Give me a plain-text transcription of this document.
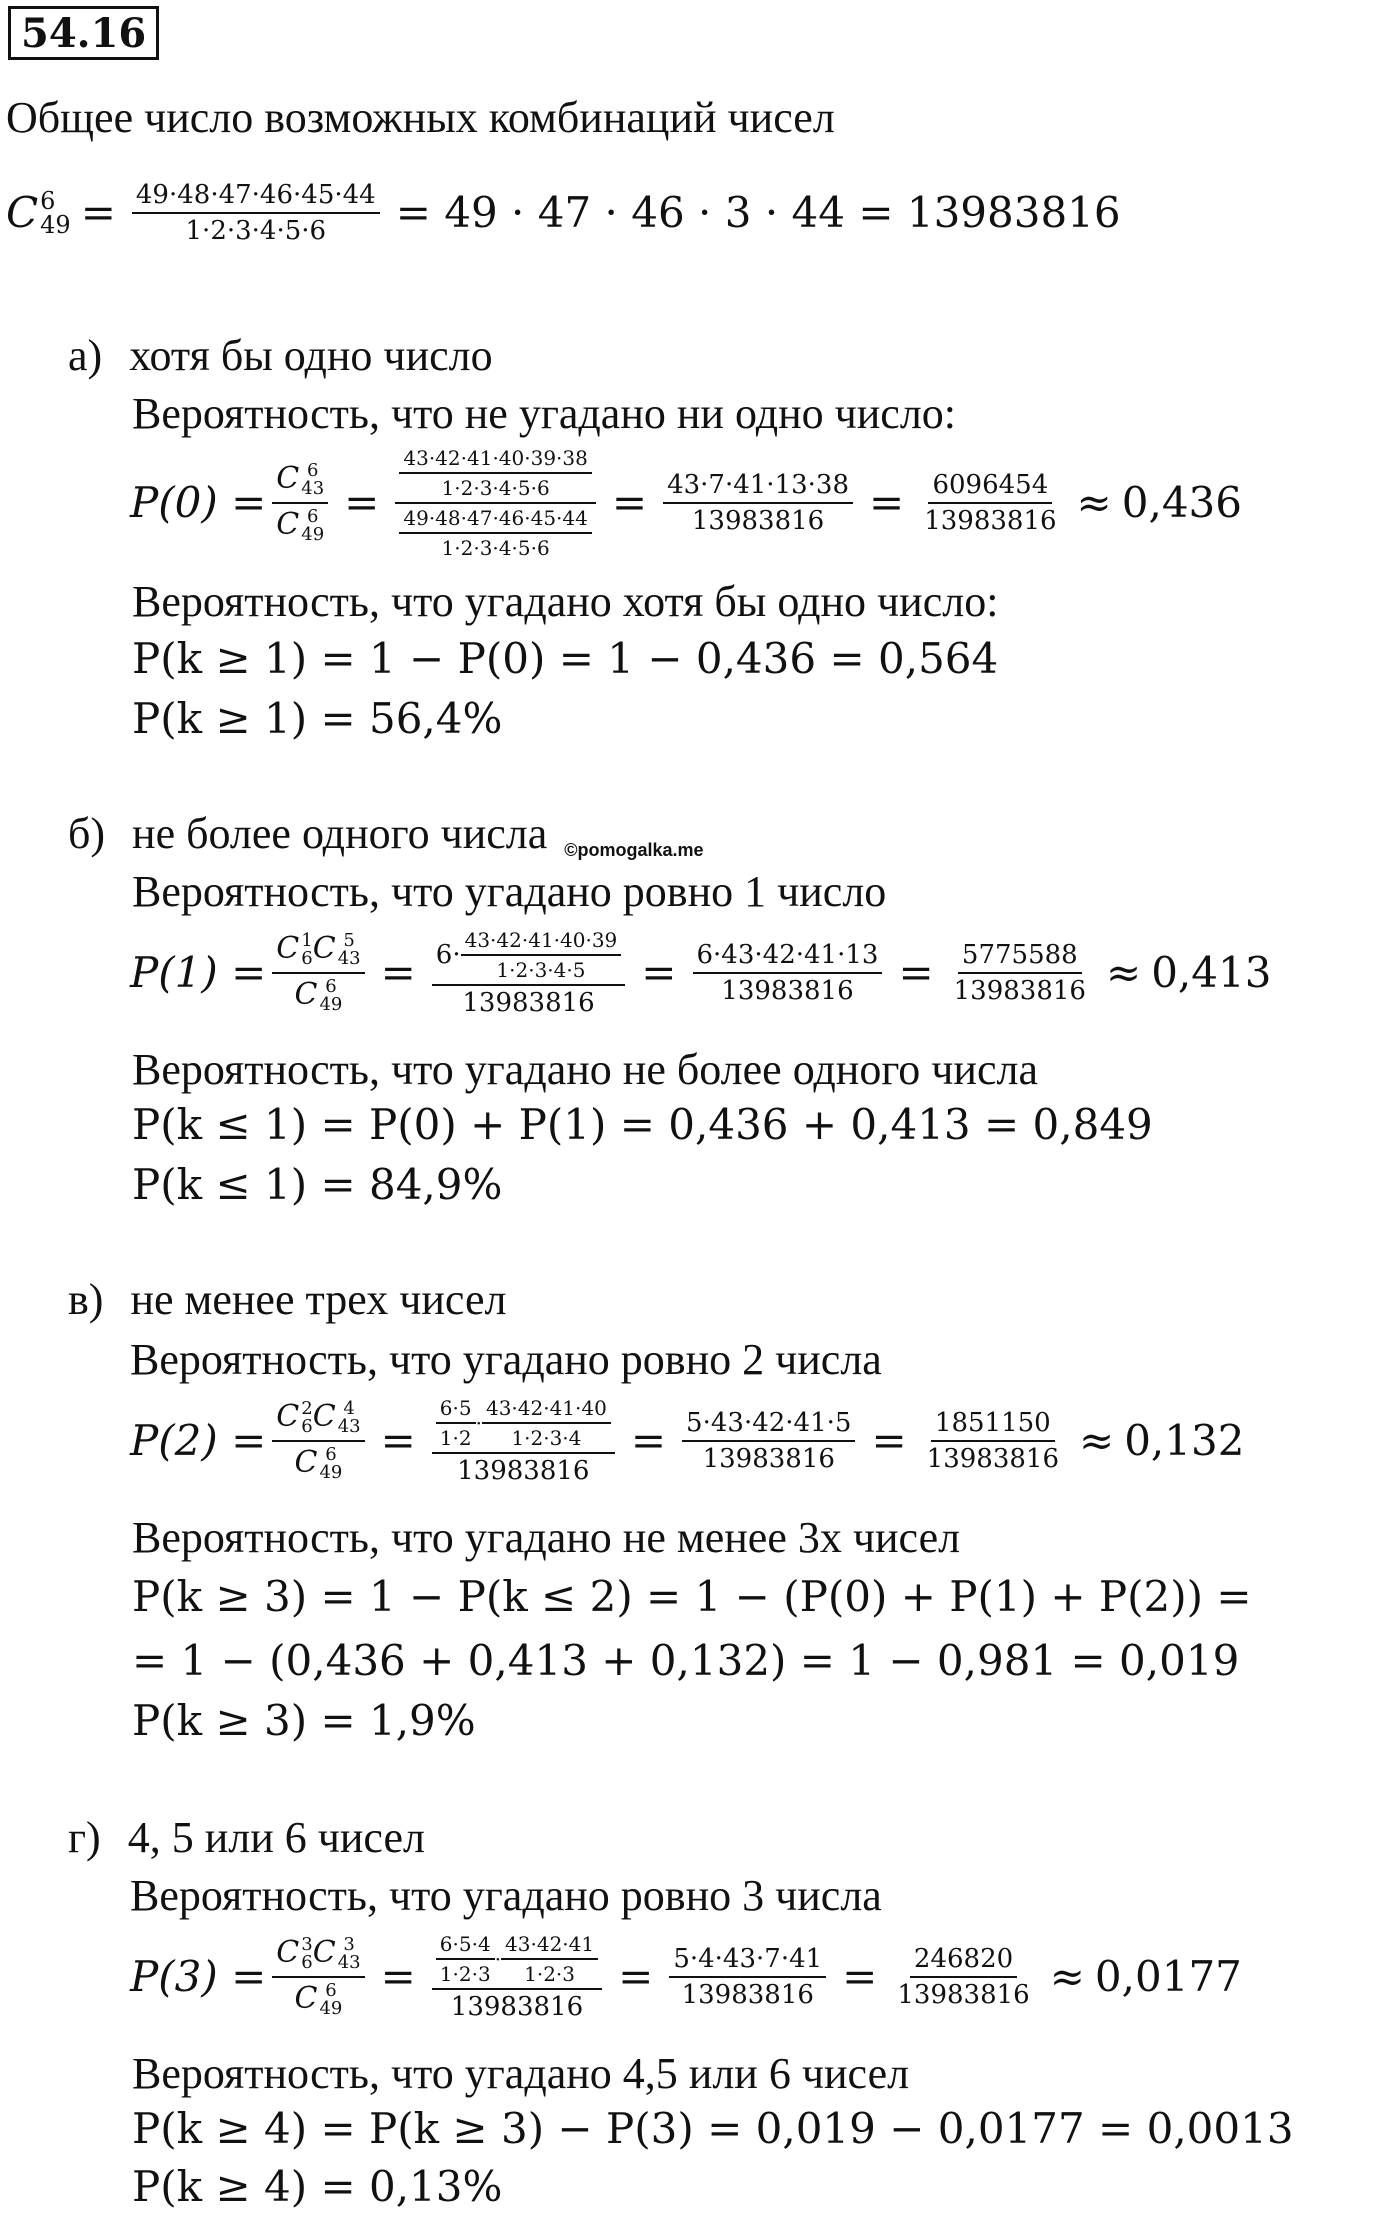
54.16
Общее число возможных комбинаций чисел
C 6
$49 = \frac{49\cdot 48\cdot 47\cdot 46\cdot 45\cdot 44}{1\cdot 2\cdot 3\cdot 4\cdot 5\cdot 6} = 49 \cdot 47 \cdot 46 \cdot 3 \cdot 44 = 13983816$
а) хотя бы одно число
Вероятность, что не угадано ни одно число:
P(0) = C 6
43
C 6
$49 = \frac{\frac{43\cdot 42\cdot 41\cdot 40\cdot 39\cdot 38}{1\cdot 2\cdot 3\cdot 4\cdot 5\cdot 6}}{\frac{49\cdot 48\cdot 47\cdot 46\cdot 45\cdot 44}{1\cdot 2\cdot 3\cdot 4\cdot 5\cdot 6}} = \frac{43\cdot 7\cdot 41\cdot 13\cdot 38}{13983816} = \frac{6096454}{13983816} \approx 0,436$
Вероятность, что угадано хотя бы одно число:
P(k ≥ 1) = 1 − P(0) = 1 − 0,436 = 0,564
P(k ≥ 1) = 56,4%
б) не более одного числа ©pomogalka.me
Вероятность, что угадано ровно 1 число
P(1) = C 1
6 C 5
43
C 6
$49 = \frac{6\cdot \frac{43\cdot 42\cdot 41\cdot 40\cdot 39}{1\cdot 2\cdot 3\cdot 4\cdot 5}}{13983816} = \frac{6\cdot 43\cdot 42\cdot 41\cdot 13}{13983816} = \frac{5775588}{13983816} \approx 0,413$
Вероятность, что угадано не более одного числа
P(k ≤ 1) = P(0) + P(1) = 0,436 + 0,413 = 0,849
P(k ≤ 1) = 84,9%
в) не менее трех чисел
Вероятность, что угадано ровно 2 числа
P(2) = C 2
6 C 4
43
C 6
$49 = \frac{6\cdot 5}{1\cdot 2} \cdot \frac{43\cdot 42\cdot 41\cdot 40}{1\cdot 2\cdot 3\cdot 4}$
13983816
= $\frac{5\cdot 43\cdot 42\cdot 41\cdot 5}{13983816} = \frac{1851150}{13983816} \approx 0,132$
Вероятность, что угадано не менее 3х чисел
P(k ≥ 3) = 1 − P(k ≤ 2) = 1 − (P(0) + P(1) + P(2)) =
= 1 − (0,436 + 0,413 + 0,132) = 1 − 0,981 = 0,019
P(k ≥ 3) = 1,9%
г) 4, 5 или 6 чисел
Вероятность, что угадано ровно 3 числа
P(3) = C 3
6 C 3
43
C 6
$49 = \frac{6\cdot 5\cdot 4}{1\cdot 2\cdot 3} \cdot \frac{43\cdot 42\cdot 41}{1\cdot 2\cdot 3}$
13983816
= $\frac{5\cdot 4\cdot 43\cdot 7\cdot 41}{13983816} = \frac{246820}{13983816} \approx 0,0177$
Вероятность, что угадано 4,5 или 6 чисел
P(k ≥ 4) = P(k ≥ 3) − P(3) = 0,019 − 0,0177 = 0,0013
P(k ≥ 4) = 0,13%
